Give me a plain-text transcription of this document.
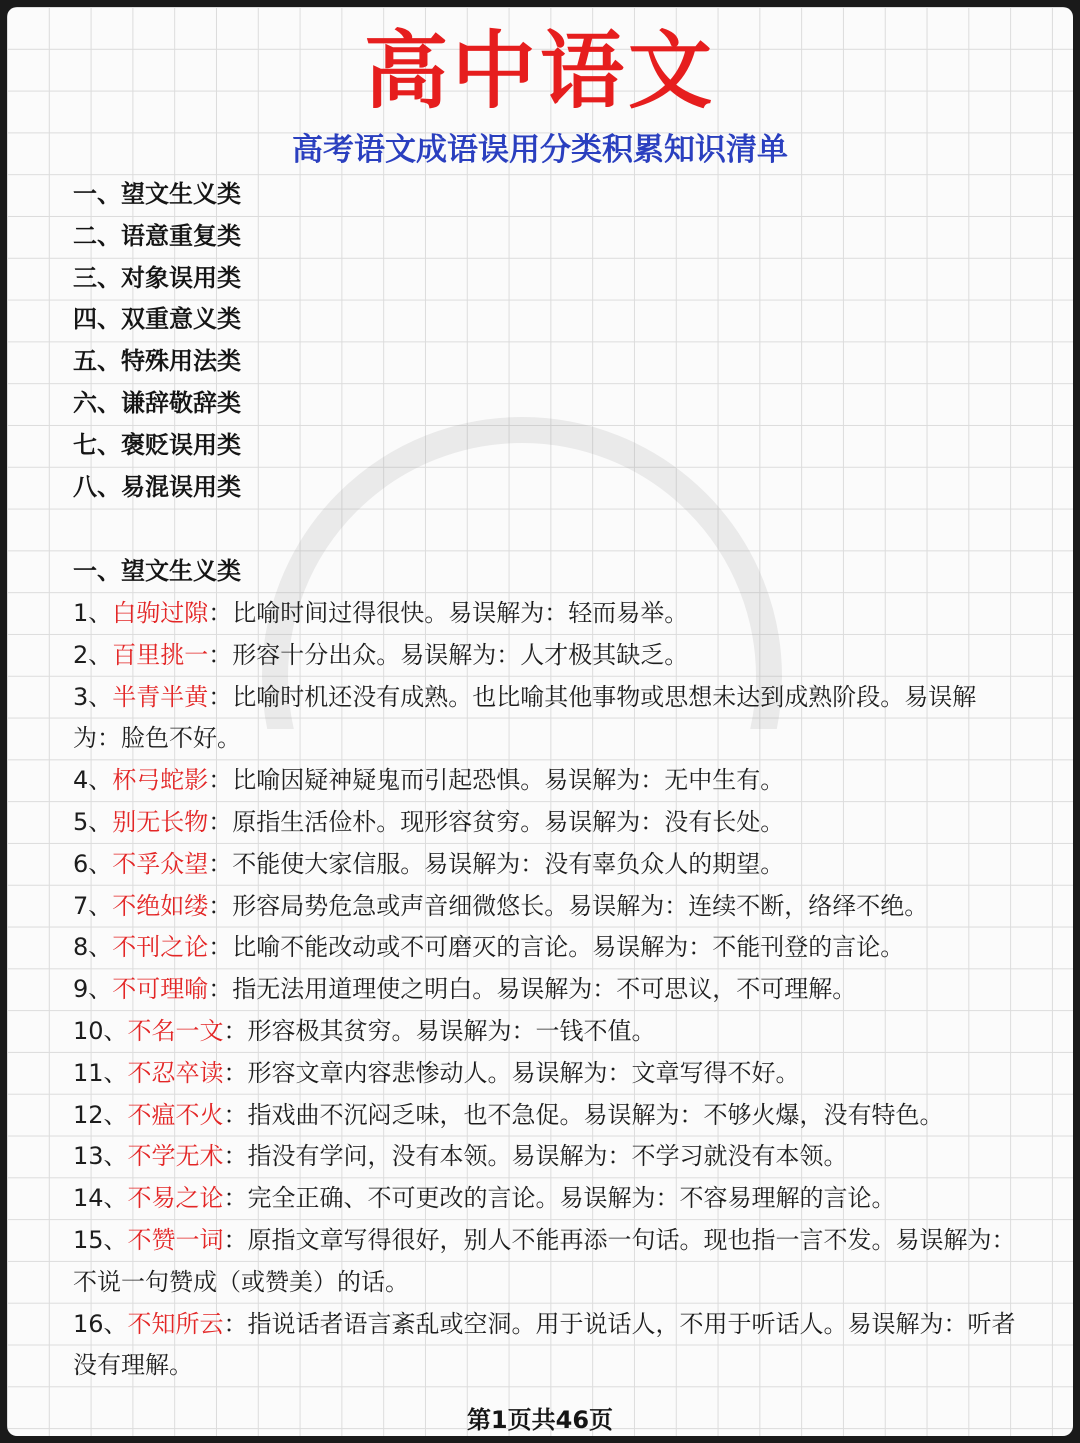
高中语文
高考语文成语误用分类积累知识清单
一、望文生义类
二、语意重复类
三、对象误用类
四、双重意义类
五、特殊用法类
六、谦辞敬辞类
七、褒贬误用类
八、易混误用类
一、望文生义类
1、白驹过隙：比喻时间过得很快。易误解为：轻而易举。
2、百里挑一：形容十分出众。易误解为：人才极其缺乏。
3、半青半黄：比喻时机还没有成熟。也比喻其他事物或思想未达到成熟阶段。易误解为：脸色不好。
4、杯弓蛇影：比喻因疑神疑鬼而引起恐惧。易误解为：无中生有。
5、别无长物：原指生活俭朴。现形容贫穷。易误解为：没有长处。
6、不孚众望：不能使大家信服。易误解为：没有辜负众人的期望。
7、不绝如缕：形容局势危急或声音细微悠长。易误解为：连续不断，络绎不绝。
8、不刊之论：比喻不能改动或不可磨灭的言论。易误解为：不能刊登的言论。
9、不可理喻：指无法用道理使之明白。易误解为：不可思议，不可理解。
10、不名一文：形容极其贫穷。易误解为：一钱不值。
11、不忍卒读：形容文章内容悲惨动人。易误解为：文章写得不好。
12、不瘟不火：指戏曲不沉闷乏味，也不急促。易误解为：不够火爆，没有特色。
13、不学无术：指没有学问，没有本领。易误解为：不学习就没有本领。
14、不易之论：完全正确、不可更改的言论。易误解为：不容易理解的言论。
15、不赞一词：原指文章写得很好，别人不能再添一句话。现也指一言不发。易误解为：不说一句赞成（或赞美）的话。
16、不知所云：指说话者语言紊乱或空洞。用于说话人，不用于听话人。易误解为：听者没有理解。
第1页共46页
